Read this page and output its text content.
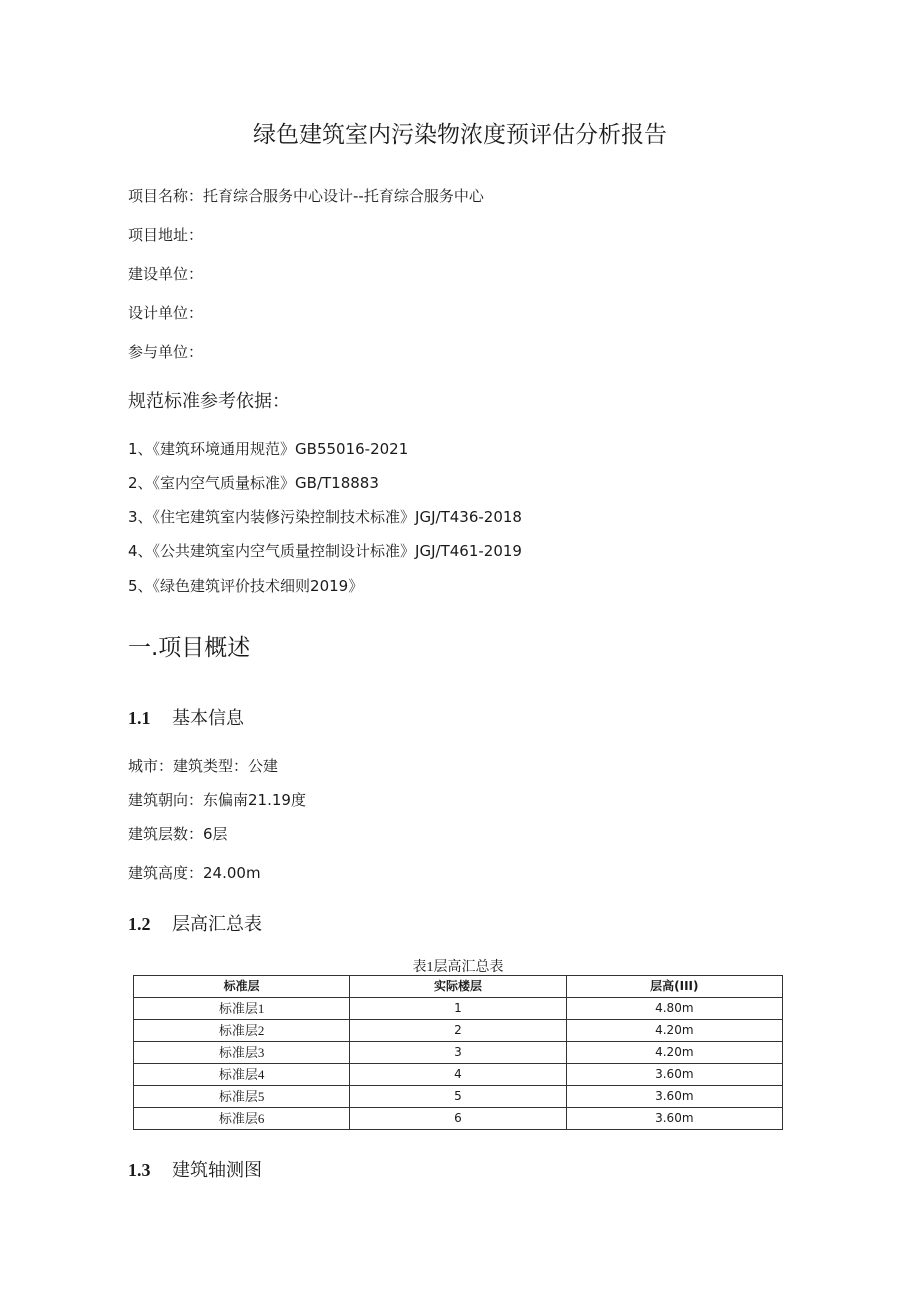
绿色建筑室内污染物浓度预评估分析报告
项目名称：托育综合服务中心设计--托育综合服务中心
项目地址：
建设单位：
设计单位：
参与单位：
规范标准参考依据：
1、《建筑环境通用规范》GB55016-2021
2、《室内空气质量标准》GB/T18883
3、《住宅建筑室内装修污染控制技术标准》JGJ/T436-2018
4、《公共建筑室内空气质量控制设计标准》JGJ/T461-2019
5、《绿色建筑评价技术细则2019》
一.项目概述
1.1 基本信息
城市：建筑类型：公建
建筑朝向：东偏南21.19度
建筑层数：6层
建筑高度：24.00m
1.2 层高汇总表
表1层高汇总表
标准层	实际楼层	层高(III)
标准层1	1	4.80m
标准层2	2	4.20m
标准层3	3	4.20m
标准层4	4	3.60m
标准层5	5	3.60m
标准层6	6	3.60m
1.3 建筑轴测图
